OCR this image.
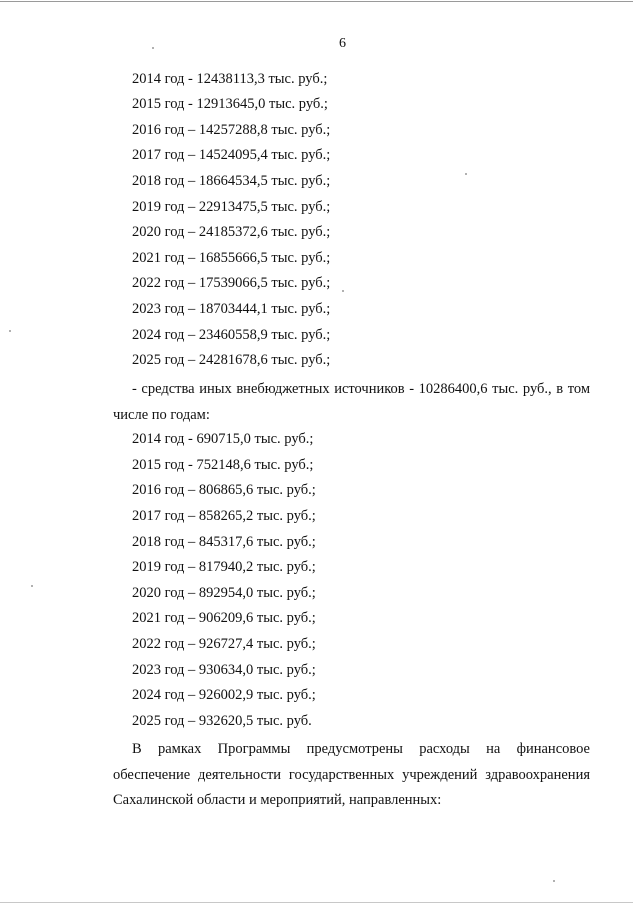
6
2014 год - 12438113,3 тыс. руб.;
2015 год - 12913645,0 тыс. руб.;
2016 год – 14257288,8 тыс. руб.;
2017 год – 14524095,4 тыс. руб.;
2018 год – 18664534,5 тыс. руб.;
2019 год – 22913475,5 тыс. руб.;
2020 год – 24185372,6 тыс. руб.;
2021 год – 16855666,5 тыс. руб.;
2022 год – 17539066,5 тыс. руб.;
2023 год – 18703444,1 тыс. руб.;
2024 год – 23460558,9 тыс. руб.;
2025 год – 24281678,6 тыс. руб.;
- средства иных внебюджетных источников - 10286400,6 тыс. руб., в том числе по годам:
2014 год - 690715,0 тыс. руб.;
2015 год - 752148,6 тыс. руб.;
2016 год – 806865,6 тыс. руб.;
2017 год – 858265,2 тыс. руб.;
2018 год – 845317,6 тыс. руб.;
2019 год – 817940,2 тыс. руб.;
2020 год – 892954,0 тыс. руб.;
2021 год – 906209,6 тыс. руб.;
2022 год – 926727,4 тыс. руб.;
2023 год – 930634,0 тыс. руб.;
2024 год – 926002,9 тыс. руб.;
2025 год – 932620,5 тыс. руб.
В рамках Программы предусмотрены расходы на финансовое обеспечение деятельности государственных учреждений здравоохранения Сахалинской области и мероприятий, направленных:
